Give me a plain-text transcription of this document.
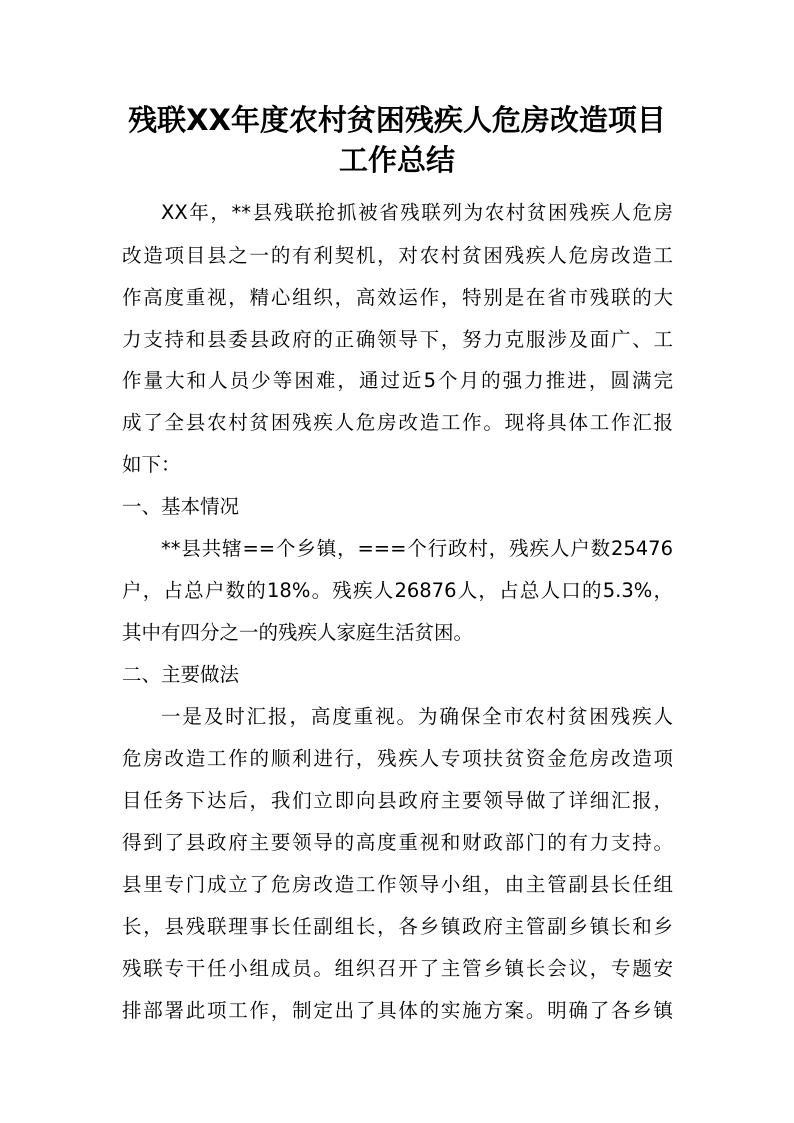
残联XX年度农村贫困残疾人危房改造项目
工作总结
XX年，**县残联抢抓被省残联列为农村贫困残疾人危房
改造项目县之一的有利契机，对农村贫困残疾人危房改造工
作高度重视，精心组织，高效运作，特别是在省市残联的大
力支持和县委县政府的正确领导下，努力克服涉及面广、工
作量大和人员少等困难，通过近5个月的强力推进，圆满完
成了全县农村贫困残疾人危房改造工作。现将具体工作汇报
如下：
一、基本情况
**县共辖==个乡镇，===个行政村，残疾人户数25476
户，占总户数的18%。残疾人26876人，占总人口的5.3%，
其中有四分之一的残疾人家庭生活贫困。
二、主要做法
一是及时汇报，高度重视。为确保全市农村贫困残疾人
危房改造工作的顺利进行，残疾人专项扶贫资金危房改造项
目任务下达后，我们立即向县政府主要领导做了详细汇报，
得到了县政府主要领导的高度重视和财政部门的有力支持。
县里专门成立了危房改造工作领导小组，由主管副县长任组
长，县残联理事长任副组长，各乡镇政府主管副乡镇长和乡
残联专干任小组成员。组织召开了主管乡镇长会议，专题安
排部署此项工作，制定出了具体的实施方案。明确了各乡镇
